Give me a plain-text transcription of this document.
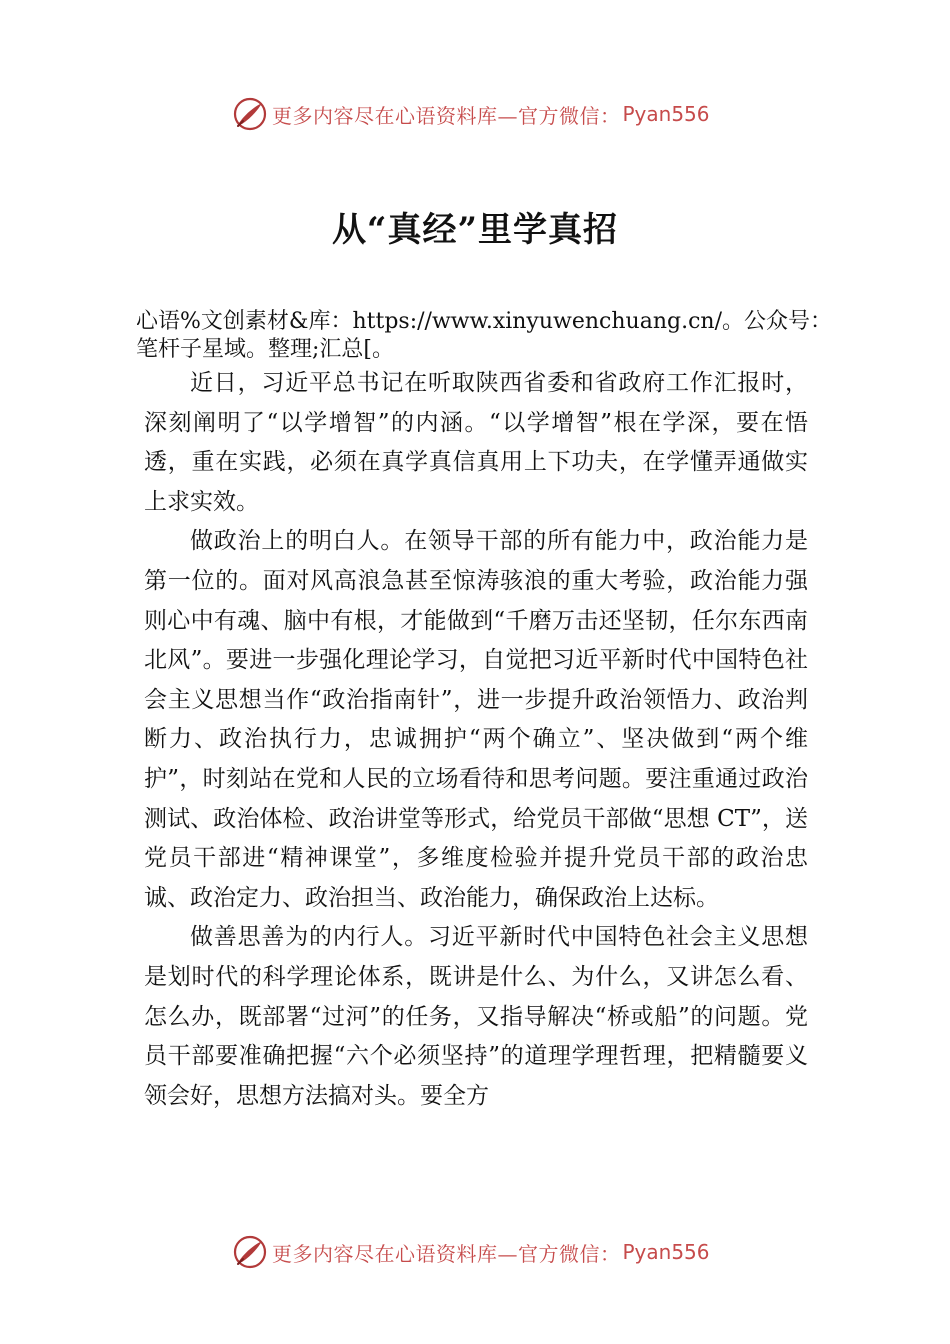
更多内容尽在心语资料库—官方微信： Pyan556
从“真经”里学真招
心语%文创素材&库：https://www.xinyuwenchuang.cn/。公众号：笔杆子星域。整理;汇总[。

近日，习近平总书记在听取陕西省委和省政府工作汇报时，深刻阐明了“以学增智”的内涵。“以学增智”根在学深，要在悟透，重在实践，必须在真学真信真用上下功夫，在学懂弄通做实上求实效。

做政治上的明白人。在领导干部的所有能力中，政治能力是第一位的。面对风高浪急甚至惊涛骇浪的重大考验，政治能力强则心中有魂、脑中有根，才能做到“千磨万击还坚韧，任尔东西南北风”。要进一步强化理论学习，自觉把习近平新时代中国特色社会主义思想当作“政治指南针”，进一步提升政治领悟力、政治判断力、政治执行力，忠诚拥护“两个确立”、坚决做到“两个维护”，时刻站在党和人民的立场看待和思考问题。要注重通过政治测试、政治体检、政治讲堂等形式，给党员干部做“思想 CT”，送党员干部进“精神课堂”，多维度检验并提升党员干部的政治忠诚、政治定力、政治担当、政治能力，确保政治上达标。

做善思善为的内行人。习近平新时代中国特色社会主义思想是划时代的科学理论体系，既讲是什么、为什么，又讲怎么看、怎么办，既部署“过河”的任务，又指导解决“桥或船”的问题。党员干部要准确把握“六个必须坚持”的道理学理哲理，把精髓要义领会好，思想方法搞对头。要全方

更多内容尽在心语资料库—官方微信： Pyan556
